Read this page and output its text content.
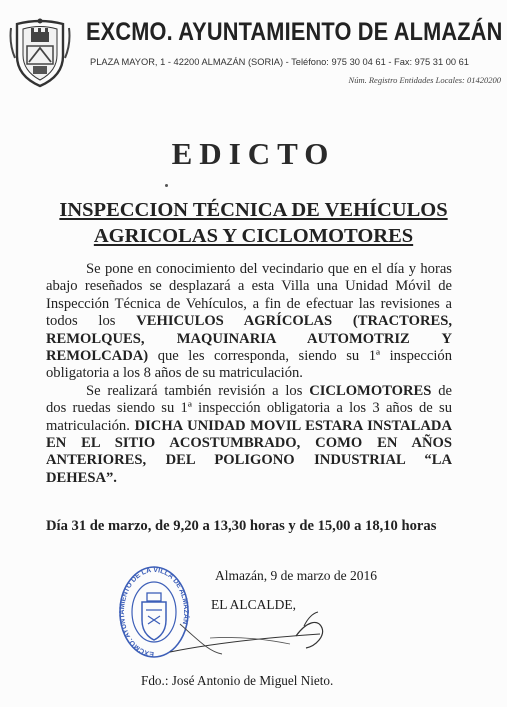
EXCMO. AYUNTAMIENTO DE ALMAZÁN
PLAZA MAYOR, 1 - 42200 ALMAZÁN (SORIA) - Teléfono: 975 30 04 61 - Fax: 975 31 00 61
Núm. Registro Entidades Locales: 01420200
EDICTO
INSPECCION TÉCNICA DE VEHÍCULOS
AGRICOLAS Y CICLOMOTORES

Se pone en conocimiento del vecindario que en el día y horas abajo reseñados se desplazará a esta Villa una Unidad Móvil de Inspección Técnica de Vehículos, a fin de efectuar las revisiones a todos los VEHICULOS AGRÍCOLAS (TRACTORES, REMOLQUES, MAQUINARIA AUTOMOTRIZ Y REMOLCADA) que les corresponda, siendo su 1ª inspección obligatoria a los 8 años de su matriculación.

Se realizará también revisión a los CICLOMOTORES de dos ruedas siendo su 1ª inspección obligatoria a los 3 años de su matriculación. DICHA UNIDAD MOVIL ESTARA INSTALADA EN EL SITIO ACOSTUMBRADO, COMO EN AÑOS ANTERIORES, DEL POLIGONO INDUSTRIAL “LA DEHESA”.

Día 31 de marzo, de 9,20 a 13,30 horas y de 15,00 a 18,10 horas
EXCMO. AYUNTAMIENTO DE LA VILLA DE ALMAZÁN
Almazán, 9 de marzo de 2016
EL ALCALDE,
Fdo.: José Antonio de Miguel Nieto.
